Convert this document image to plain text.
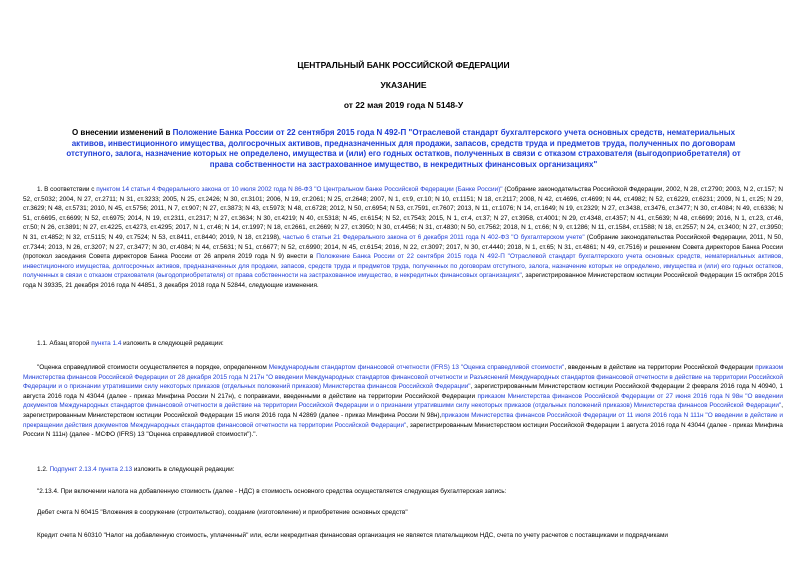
ЦЕНТРАЛЬНЫЙ БАНК РОССИЙСКОЙ ФЕДЕРАЦИИ
УКАЗАНИЕ
от 22 мая 2019 года N 5148-У
О внесении изменений в Положение Банка России от 22 сентября 2015 года N 492-П "Отраслевой стандарт бухгалтерского учета основных средств, нематериальных активов, инвестиционного имущества, долгосрочных активов, предназначенных для продажи, запасов, средств труда и предметов труда, полученных по договорам отступного, залога, назначение которых не определено, имущества и (или) его годных остатков, полученных в связи с отказом страхователя (выгодоприобретателя) от права собственности на застрахованное имущество, в некредитных финансовых организациях"
1. В соответствии с пунктом 14 статьи 4 Федерального закона от 10 июля 2002 года N 86-ФЗ "О Центральном банке Российской Федерации (Банке России)" (Собрание законодательства Российской Федерации, 2002, N 28, ст.2790; 2003, N 2, ст.157; N 52, ст.5032; 2004, N 27, ст.2711; N 31, ст.3233; 2005, N 25, ст.2426; N 30, ст.3101; 2006, N 19, ст.2061; N 25, ст.2648; 2007, N 1, ст.9, ст.10; N 10, ст.1151; N 18, ст.2117; 2008, N 42, ст.4696, ст.4699; N 44, ст.4982; N 52, ст.6229, ст.6231; 2009, N 1, ст.25; N 29, ст.3629; N 48, ст.5731; 2010, N 45, ст.5756; 2011, N 7, ст.907; N 27, ст.3873; N 43, ст.5973; N 48, ст.6728; 2012, N 50, ст.6954; N 53, ст.7591, ст.7607; 2013, N 11, ст.1076; N 14, ст.1649; N 19, ст.2329; N 27, ст.3438, ст.3476, ст.3477; N 30, ст.4084; N 49, ст.6336; N 51, ст.6695, ст.6699; N 52, ст.6975; 2014, N 19, ст.2311, ст.2317; N 27, ст.3634; N 30, ст.4219; N 40, ст.5318; N 45, ст.6154; N 52, ст.7543; 2015, N 1, ст.4, ст.37; N 27, ст.3958, ст.4001; N 29, ст.4348, ст.4357; N 41, ст.5639; N 48, ст.6699; 2016, N 1, ст.23, ст.46, ст.50; N 26, ст.3891; N 27, ст.4225, ст.4273, ст.4295; 2017, N 1, ст.46; N 14, ст.1997; N 18, ст.2661, ст.2669; N 27, ст.3950; N 30, ст.4456; N 31, ст.4830; N 50, ст.7562; 2018, N 1, ст.66; N 9, ст.1286; N 11, ст.1584, ст.1588; N 18, ст.2557; N 24, ст.3400; N 27, ст.3950; N 31, ст.4852; N 32, ст.5115; N 49, ст.7524; N 53, ст.8411, ст.8440; 2019, N 18, ст.2198), частью 6 статьи 21 Федерального закона от 6 декабря 2011 года N 402-ФЗ "О бухгалтерском учете" (Собрание законодательства Российской Федерации, 2011, N 50, ст.7344; 2013, N 26, ст.3207; N 27, ст.3477; N 30, ст.4084; N 44, ст.5631; N 51, ст.6677; N 52, ст.6990; 2014, N 45, ст.6154; 2016, N 22, ст.3097; 2017, N 30, ст.4440; 2018, N 1, ст.65; N 31, ст.4861; N 49, ст.7516) и решением Совета директоров Банка России (протокол заседания Совета директоров Банка России от 26 апреля 2019 года N 9) внести в Положение Банка России от 22 сентября 2015 года N 492-П "Отраслевой стандарт бухгалтерского учета основных средств, нематериальных активов, инвестиционного имущества, долгосрочных активов, предназначенных для продажи, запасов, средств труда и предметов труда, полученных по договорам отступного, залога, назначение которых не определено, имущества и (или) его годных остатков, полученных в связи с отказом страхователя (выгодоприобретателя) от права собственности на застрахованное имущество, в некредитных финансовых организациях", зарегистрированное Министерством юстиции Российской Федерации 15 октября 2015 года N 39335, 21 декабря 2016 года N 44851, 3 декабря 2018 года N 52844, следующие изменения.
1.1. Абзац второй пункта 1.4 изложить в следующей редакции:
"Оценка справедливой стоимости осуществляется в порядке, определенном Международным стандартом финансовой отчетности (IFRS) 13 "Оценка справедливой стоимости", введенным в действие на территории Российской Федерации приказом Министерства финансов Российской Федерации от 28 декабря 2015 года N 217н "О введении Международных стандартов финансовой отчетности и Разъяснений Международных стандартов финансовой отчетности в действие на территории Российской Федерации и о признании утратившими силу некоторых приказов (отдельных положений приказов) Министерства финансов Российской Федерации", зарегистрированным Министерством юстиции Российской Федерации 2 февраля 2016 года N 40940, 1 августа 2016 года N 43044 (далее - приказ Минфина России N 217н), с поправками, введенными в действие на территории Российской Федерации приказом Министерства финансов Российской Федерации от 27 июня 2016 года N 98н "О введении документов Международных стандартов финансовой отчетности в действие на территории Российской Федерации и о признании утратившими силу некоторых приказов (отдельных положений приказов) Министерства финансов Российской Федерации", зарегистрированным Министерством юстиции Российской Федерации 15 июля 2016 года N 42869 (далее - приказ Минфина России N 98н),приказом Министерства финансов Российской Федерации от 11 июля 2016 года N 111н "О введении в действие и прекращении действия документов Международных стандартов финансовой отчетности на территории Российской Федерации", зарегистрированным Министерством юстиции Российской Федерации 1 августа 2016 года N 43044 (далее - приказ Минфина России N 111н) (далее - МСФО (IFRS) 13 "Оценка справедливой стоимости").".
1.2. Подпункт 2.13.4 пункта 2.13 изложить в следующей редакции:
"2.13.4. При включении налога на добавленную стоимость (далее - НДС) в стоимость основного средства осуществляется следующая бухгалтерская запись:
Дебет счета N 60415 "Вложения в сооружение (строительство), создание (изготовление) и приобретение основных средств"
Кредит счета N 60310 "Налог на добавленную стоимость, уплаченный" или, если некредитная финансовая организация не является плательщиком НДС, счета по учету расчетов с поставщиками и подрядчиками
